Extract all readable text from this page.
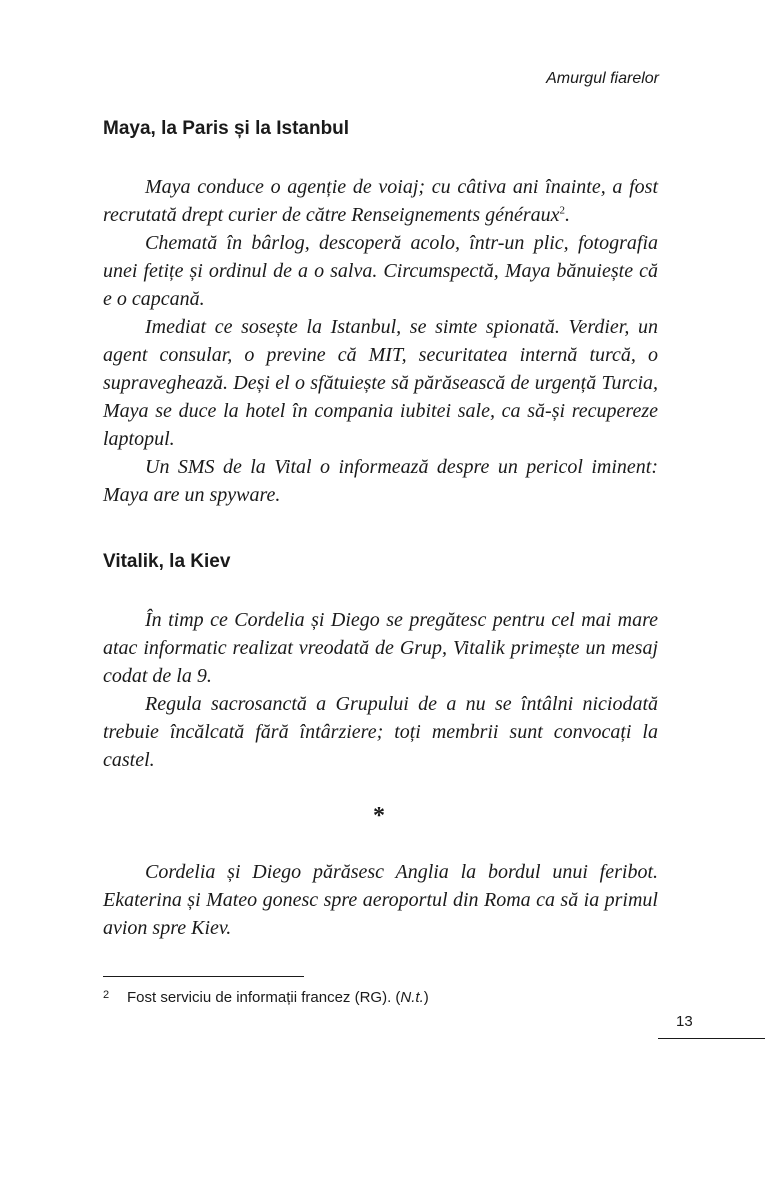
Amurgul fiarelor
Maya, la Paris și la Istanbul

Maya conduce o agenție de voiaj; cu câtiva ani înainte, a fost recrutată drept curier de către Renseignements généraux$^2$.

Chemată în bârlog, descoperă acolo, într-un plic, fotografia unei fetițe și ordinul de a o salva. Circumspectă, Maya bănuiește că e o capcană.

Imediat ce sosește la Istanbul, se simte spionată. Verdier, un agent consular, o previne că MIT, securitatea internă turcă, o supraveghează. Deși el o sfătuiește să părăsească de urgență Turcia, Maya se duce la hotel în compania iubitei sale, ca să-și recupereze laptopul.

Un SMS de la Vital o informează despre un pericol iminent: Maya are un spyware.

Vitalik, la Kiev

În timp ce Cordelia și Diego se pregătesc pentru cel mai mare atac informatic realizat vreodată de Grup, Vitalik primește un mesaj codat de la 9.

Regula sacrosanctă a Grupului de a nu se întâlni niciodată trebuie încălcată fără întârziere; toți membrii sunt convocați la castel.

*

Cordelia și Diego părăsesc Anglia la bordul unui feribot. Ekaterina și Mateo gonesc spre aeroportul din Roma ca să ia primul avion spre Kiev.

2 Fost serviciu de informații francez (RG). (N.t.)
13
